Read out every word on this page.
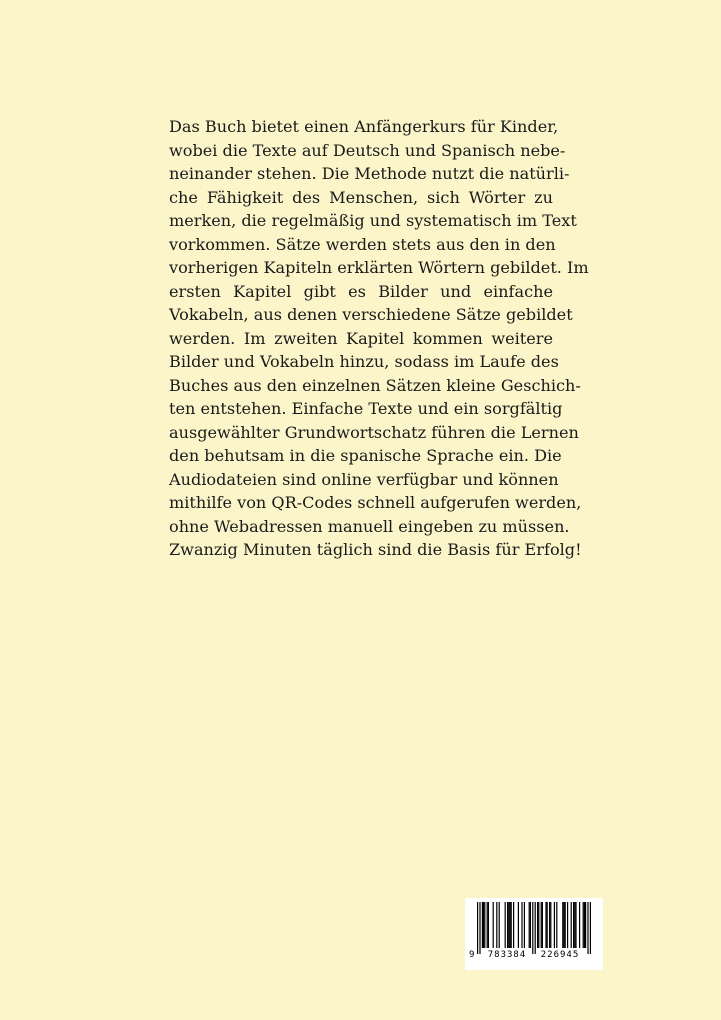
Das Buch bietet einen Anfängerkurs für Kinder,
wobei die Texte auf Deutsch und Spanisch nebe-
neinander stehen. Die Methode nutzt die natürli-
che Fähigkeit des Menschen, sich Wörter zu
merken, die regelmäßig und systematisch im Text
vorkommen. Sätze werden stets aus den in den
vorherigen Kapiteln erklärten Wörtern gebildet. Im
ersten Kapitel gibt es Bilder und einfache
Vokabeln, aus denen verschiedene Sätze gebildet
werden. Im zweiten Kapitel kommen weitere
Bilder und Vokabeln hinzu, sodass im Laufe des
Buches aus den einzelnen Sätzen kleine Geschich-
ten entstehen. Einfache Texte und ein sorgfältig
ausgewählter Grundwortschatz führen die Lernen
den behutsam in die spanische Sprache ein. Die
Audiodateien sind online verfügbar und können
mithilfe von QR-Codes schnell aufgerufen werden,
ohne Webadressen manuell eingeben zu müssen.
Zwanzig Minuten täglich sind die Basis für Erfolg!
9	783384	226945
